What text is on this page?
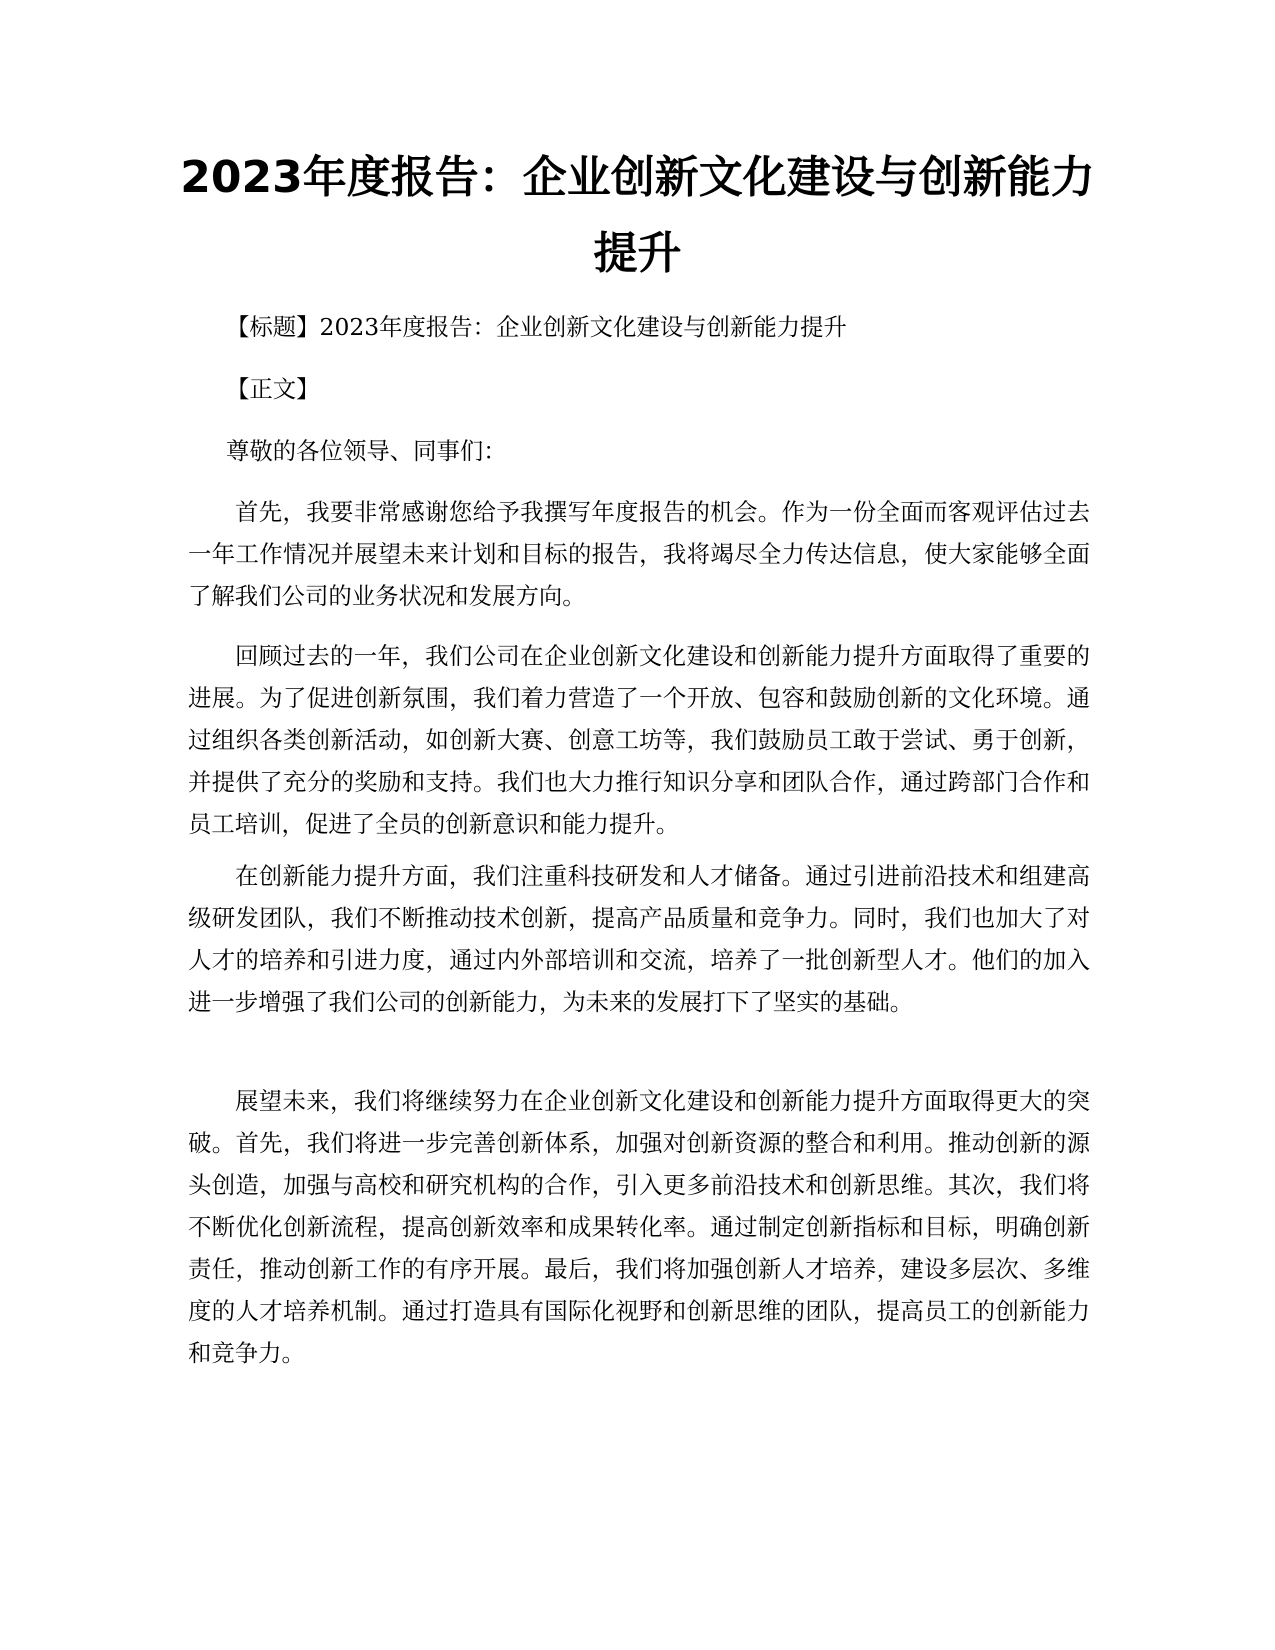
2023年度报告：企业创新文化建设与创新能力提升

【标题】2023年度报告：企业创新文化建设与创新能力提升

【正文】

尊敬的各位领导、同事们：

首先，我要非常感谢您给予我撰写年度报告的机会。作为一份全面而客观评估过去一年工作情况并展望未来计划和目标的报告，我将竭尽全力传达信息，使大家能够全面了解我们公司的业务状况和发展方向。

回顾过去的一年，我们公司在企业创新文化建设和创新能力提升方面取得了重要的进展。为了促进创新氛围，我们着力营造了一个开放、包容和鼓励创新的文化环境。通过组织各类创新活动，如创新大赛、创意工坊等，我们鼓励员工敢于尝试、勇于创新，并提供了充分的奖励和支持。我们也大力推行知识分享和团队合作，通过跨部门合作和员工培训，促进了全员的创新意识和能力提升。

在创新能力提升方面，我们注重科技研发和人才储备。通过引进前沿技术和组建高级研发团队，我们不断推动技术创新，提高产品质量和竞争力。同时，我们也加大了对人才的培养和引进力度，通过内外部培训和交流，培养了一批创新型人才。他们的加入进一步增强了我们公司的创新能力，为未来的发展打下了坚实的基础。

展望未来，我们将继续努力在企业创新文化建设和创新能力提升方面取得更大的突破。首先，我们将进一步完善创新体系，加强对创新资源的整合和利用。推动创新的源头创造，加强与高校和研究机构的合作，引入更多前沿技术和创新思维。其次，我们将不断优化创新流程，提高创新效率和成果转化率。通过制定创新指标和目标，明确创新责任，推动创新工作的有序开展。最后，我们将加强创新人才培养，建设多层次、多维度的人才培养机制。通过打造具有国际化视野和创新思维的团队，提高员工的创新能力和竞争力。
